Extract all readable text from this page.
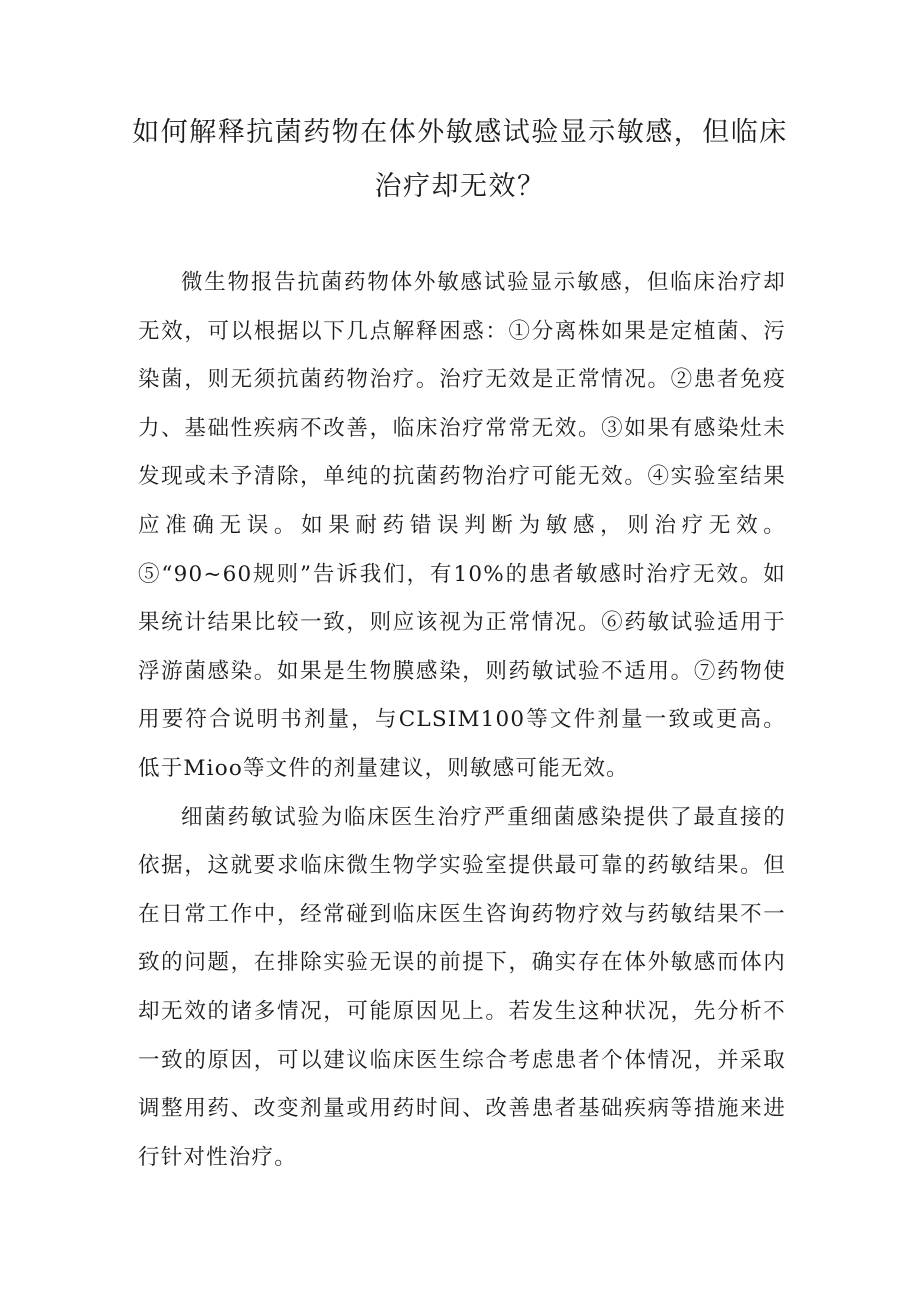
如何解释抗菌药物在体外敏感试验显示敏感，但临床治疗却无效？

微生物报告抗菌药物体外敏感试验显示敏感，但临床治疗却无效，可以根据以下几点解释困惑：①分离株如果是定植菌、污染菌，则无须抗菌药物治疗。治疗无效是正常情况。②患者免疫力、基础性疾病不改善，临床治疗常常无效。③如果有感染灶未发现或未予清除，单纯的抗菌药物治疗可能无效。④实验室结果应准确无误。如果耐药错误判断为敏感，则治疗无效。⑤“90~60规则”告诉我们，有10%的患者敏感时治疗无效。如果统计结果比较一致，则应该视为正常情况。⑥药敏试验适用于浮游菌感染。如果是生物膜感染，则药敏试验不适用。⑦药物使用要符合说明书剂量，与CLSIM100等文件剂量一致或更高。低于Mioo等文件的剂量建议，则敏感可能无效。

细菌药敏试验为临床医生治疗严重细菌感染提供了最直接的依据，这就要求临床微生物学实验室提供最可靠的药敏结果。但在日常工作中，经常碰到临床医生咨询药物疗效与药敏结果不一致的问题，在排除实验无误的前提下，确实存在体外敏感而体内却无效的诸多情况，可能原因见上。若发生这种状况，先分析不一致的原因，可以建议临床医生综合考虑患者个体情况，并采取调整用药、改变剂量或用药时间、改善患者基础疾病等措施来进行针对性治疗。
